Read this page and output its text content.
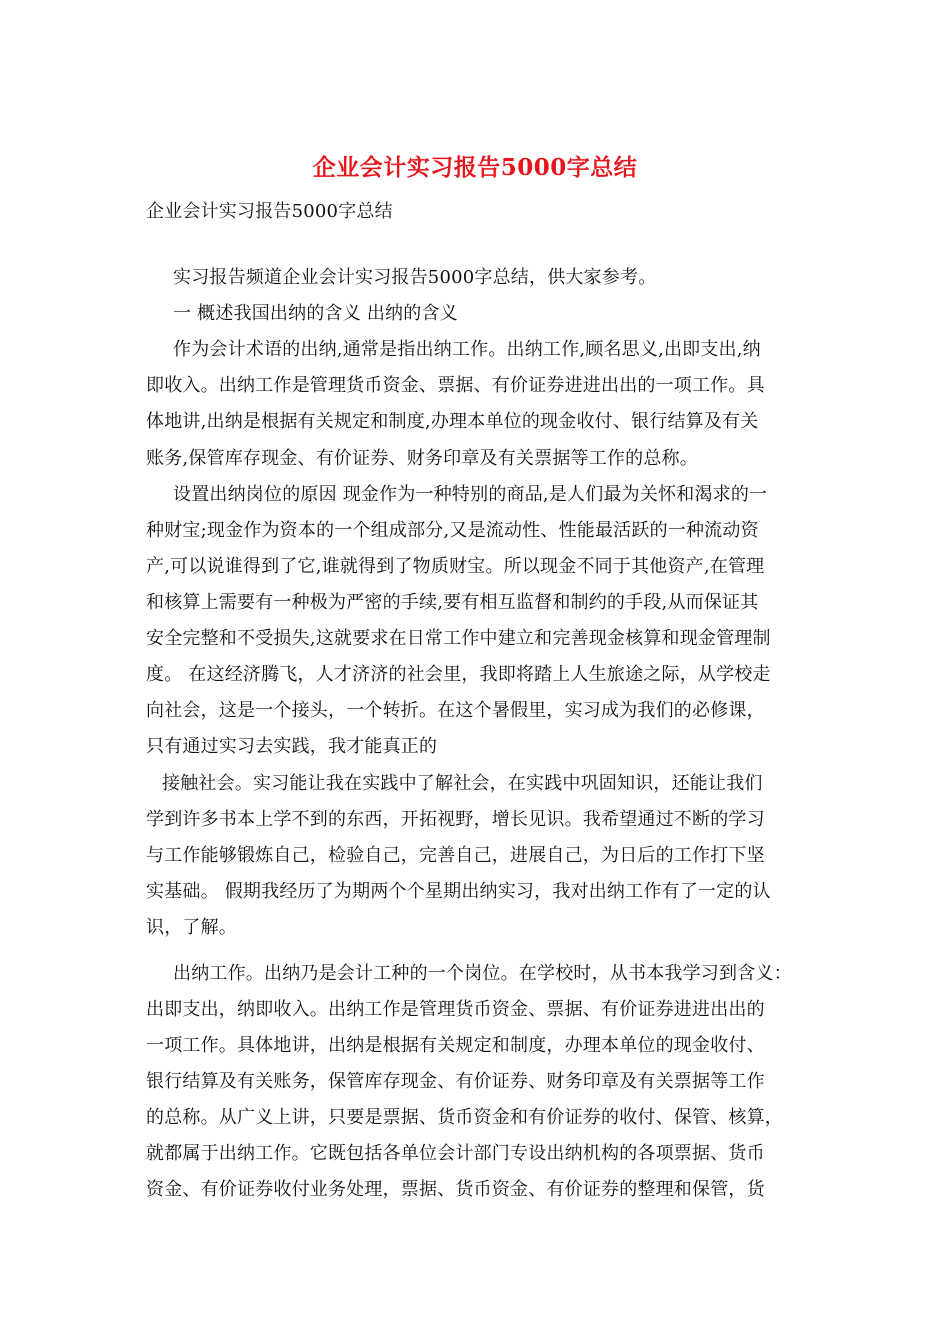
企业会计实习报告5000字总结
企业会计实习报告5000字总结
实习报告频道企业会计实习报告5000字总结，供大家参考。
一 概述我国出纳的含义 出纳的含义
作为会计术语的出纳,通常是指出纳工作。出纳工作,顾名思义,出即支出,纳
即收入。出纳工作是管理货币资金、票据、有价证券进进出出的一项工作。具
体地讲,出纳是根据有关规定和制度,办理本单位的现金收付、银行结算及有关
账务,保管库存现金、有价证券、财务印章及有关票据等工作的总称。
设置出纳岗位的原因 现金作为一种特别的商品,是人们最为关怀和渴求的一
种财宝;现金作为资本的一个组成部分,又是流动性、性能最活跃的一种流动资
产,可以说谁得到了它,谁就得到了物质财宝。所以现金不同于其他资产,在管理
和核算上需要有一种极为严密的手续,要有相互监督和制约的手段,从而保证其
安全完整和不受损失,这就要求在日常工作中建立和完善现金核算和现金管理制
度。 在这经济腾飞，人才济济的社会里，我即将踏上人生旅途之际，从学校走
向社会，这是一个接头，一个转折。在这个暑假里，实习成为我们的必修课，
只有通过实习去实践，我才能真正的
接触社会。实习能让我在实践中了解社会，在实践中巩固知识，还能让我们
学到许多书本上学不到的东西，开拓视野，增长见识。我希望通过不断的学习
与工作能够锻炼自己，检验自己，完善自己，进展自己，为日后的工作打下坚
实基础。 假期我经历了为期两个个星期出纳实习，我对出纳工作有了一定的认
识，了解。
出纳工作。出纳乃是会计工种的一个岗位。在学校时，从书本我学习到含义：
出即支出，纳即收入。出纳工作是管理货币资金、票据、有价证券进进出出的
一项工作。具体地讲，出纳是根据有关规定和制度，办理本单位的现金收付、
银行结算及有关账务，保管库存现金、有价证券、财务印章及有关票据等工作
的总称。从广义上讲，只要是票据、货币资金和有价证券的收付、保管、核算，
就都属于出纳工作。它既包括各单位会计部门专设出纳机构的各项票据、货币
资金、有价证券收付业务处理，票据、货币资金、有价证券的整理和保管，货
